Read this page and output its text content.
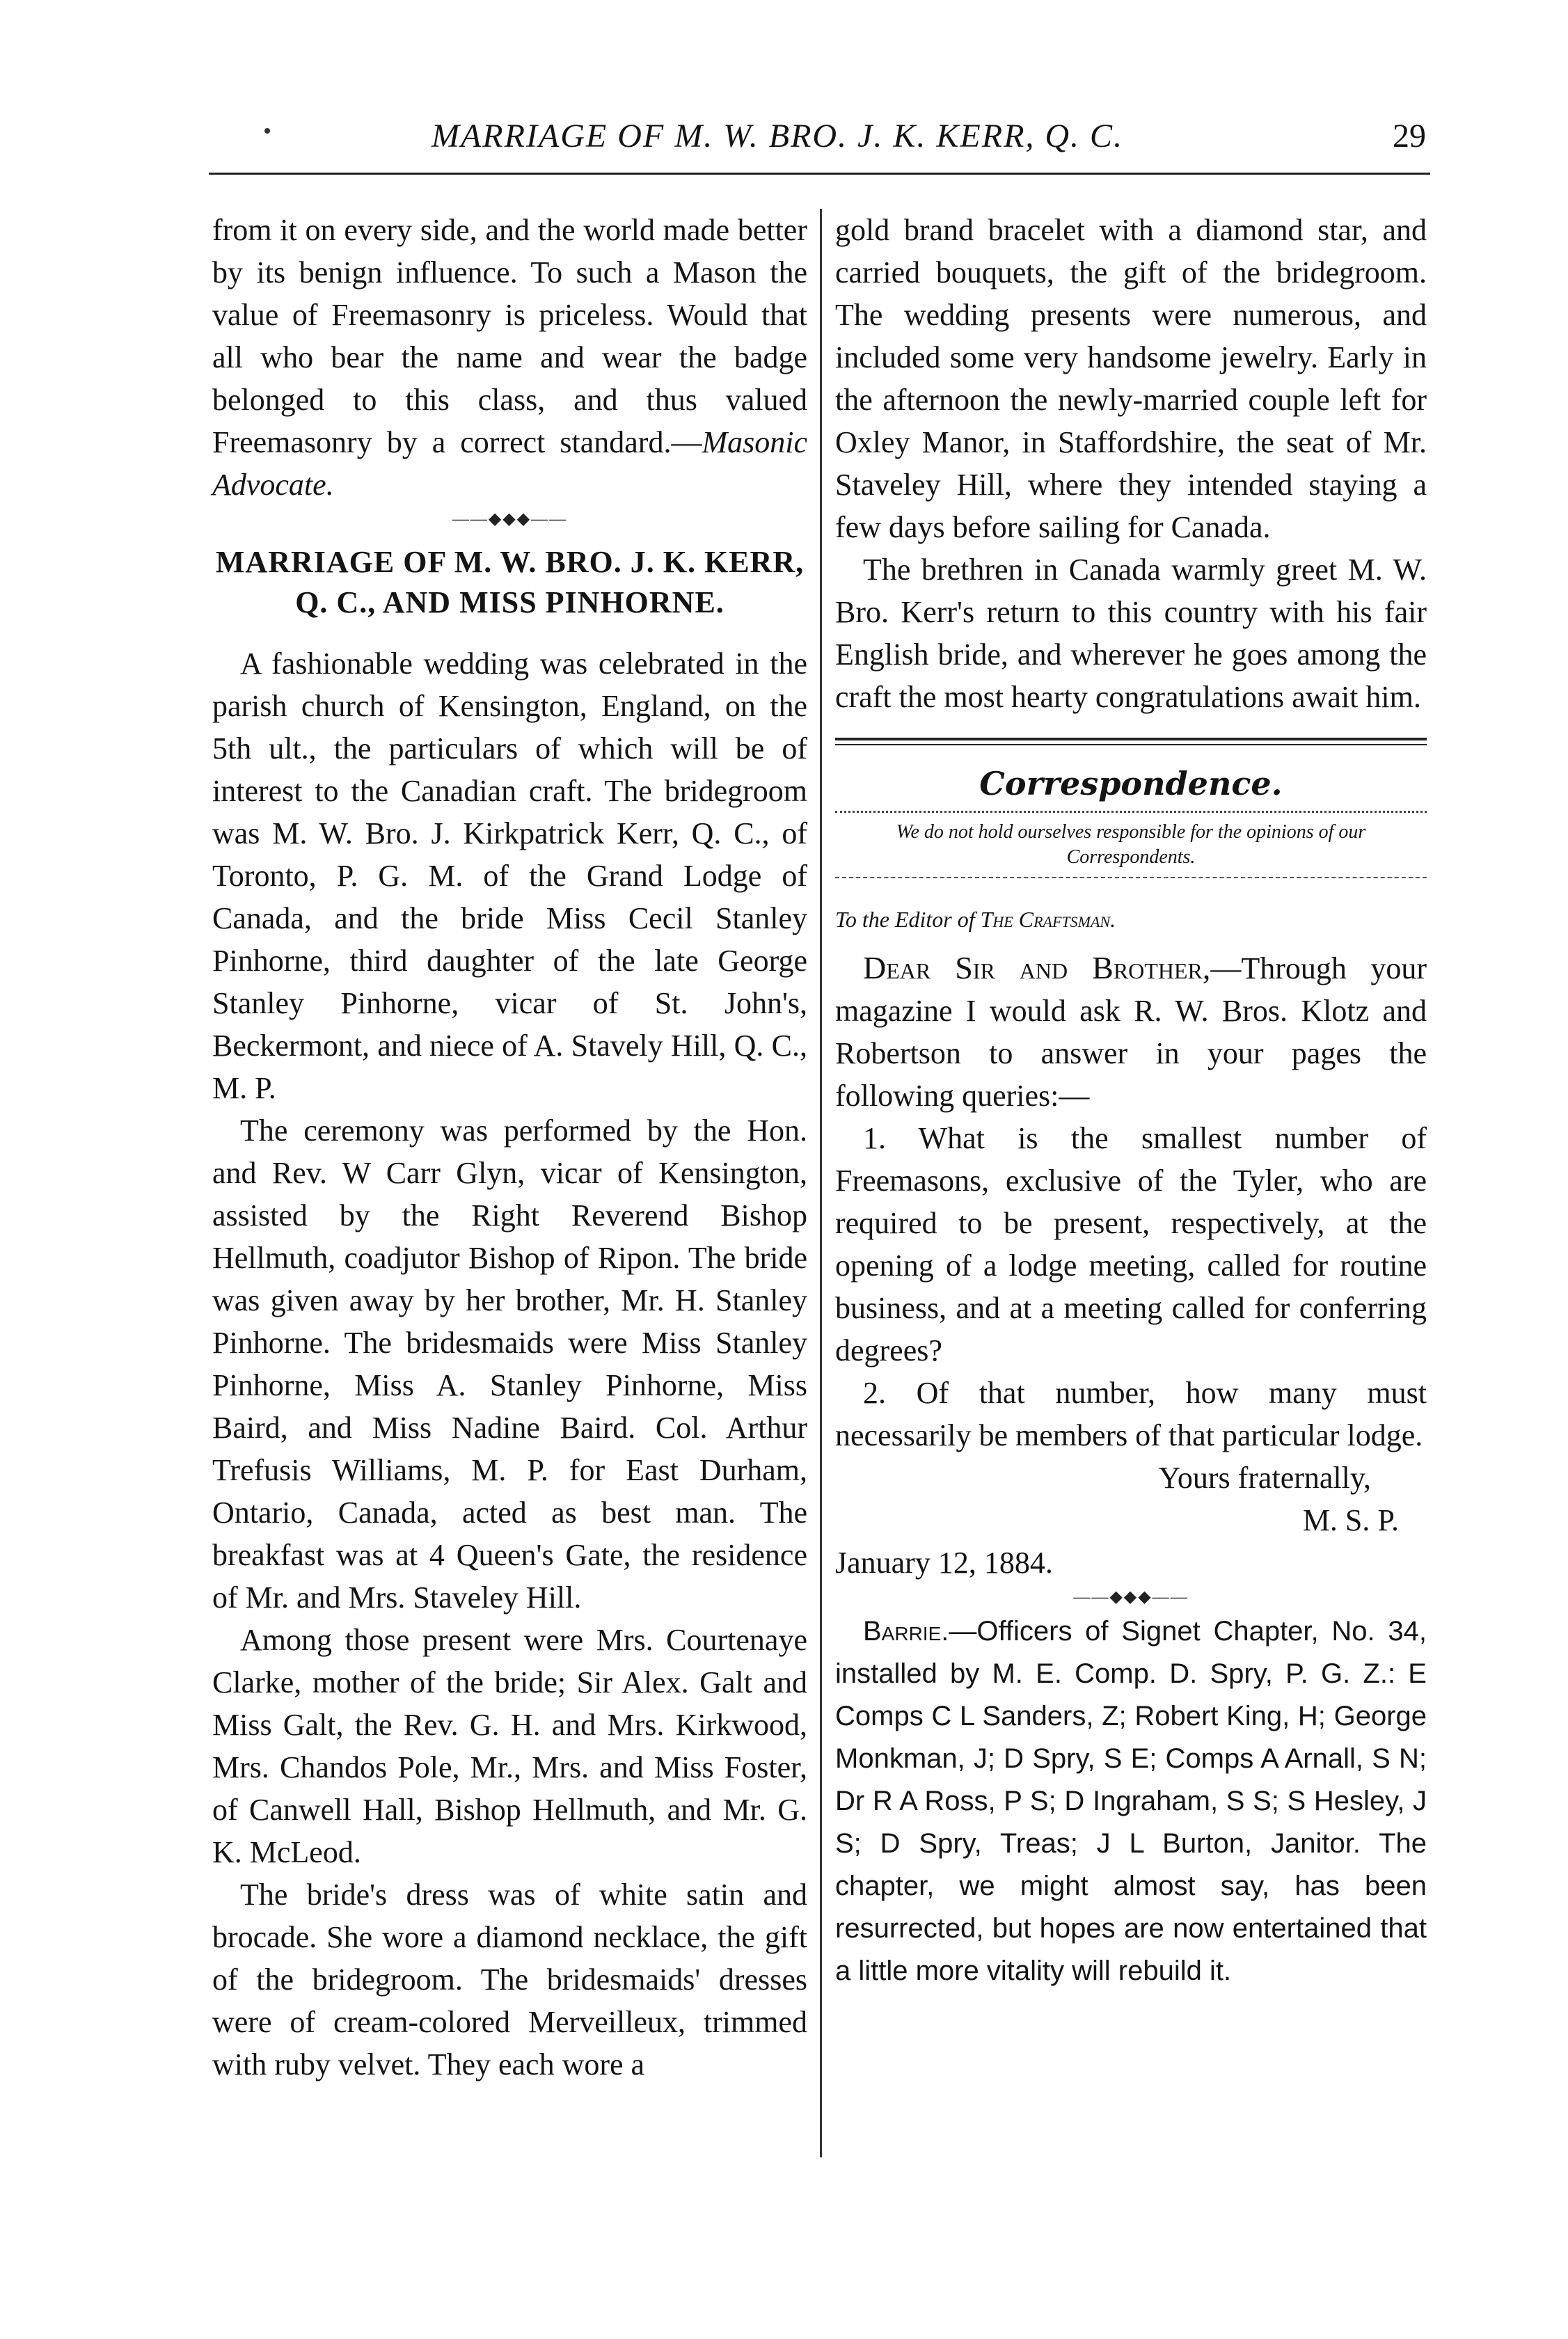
MARRIAGE OF M. W. BRO. J. K. KERR, Q. C.	29

from it on every side, and the world made better by its benign influence. To such a Mason the value of Freemasonry is priceless. Would that all who bear the name and wear the badge belonged to this class, and thus valued Freemasonry by a correct standard.—Masonic Advocate.

——◆◆◆——
MARRIAGE OF M. W. BRO. J. K. KERR, Q. C., AND MISS PINHORNE.

A fashionable wedding was celebrated in the parish church of Kensington, England, on the 5th ult., the particulars of which will be of interest to the Canadian craft. The bridegroom was M. W. Bro. J. Kirkpatrick Kerr, Q. C., of Toronto, P. G. M. of the Grand Lodge of Canada, and the bride Miss Cecil Stanley Pinhorne, third daughter of the late George Stanley Pinhorne, vicar of St. John's, Beckermont, and niece of A. Stavely Hill, Q. C., M. P.

The ceremony was performed by the Hon. and Rev. W Carr Glyn, vicar of Kensington, assisted by the Right Reverend Bishop Hellmuth, coadjutor Bishop of Ripon. The bride was given away by her brother, Mr. H. Stanley Pinhorne. The bridesmaids were Miss Stanley Pinhorne, Miss A. Stanley Pinhorne, Miss Baird, and Miss Nadine Baird. Col. Arthur Trefusis Williams, M. P. for East Durham, Ontario, Canada, acted as best man. The breakfast was at 4 Queen's Gate, the residence of Mr. and Mrs. Staveley Hill.

Among those present were Mrs. Courtenaye Clarke, mother of the bride; Sir Alex. Galt and Miss Galt, the Rev. G. H. and Mrs. Kirkwood, Mrs. Chandos Pole, Mr., Mrs. and Miss Foster, of Canwell Hall, Bishop Hellmuth, and Mr. G. K. McLeod.

The bride's dress was of white satin and brocade. She wore a diamond necklace, the gift of the bridegroom. The bridesmaids' dresses were of cream-colored Merveilleux, trimmed with ruby velvet. They each wore a

gold brand bracelet with a diamond star, and carried bouquets, the gift of the bridegroom. The wedding presents were numerous, and included some very handsome jewelry. Early in the afternoon the newly-married couple left for Oxley Manor, in Staffordshire, the seat of Mr. Staveley Hill, where they intended staying a few days before sailing for Canada.

The brethren in Canada warmly greet M. W. Bro. Kerr's return to this country with his fair English bride, and wherever he goes among the craft the most hearty congratulations await him.

Correspondence.
We do not hold ourselves responsible for the opinions of our Correspondents.
To the Editor of The Craftsman.

Dear Sir and Brother,—Through your magazine I would ask R. W. Bros. Klotz and Robertson to answer in your pages the following queries:—

1. What is the smallest number of Freemasons, exclusive of the Tyler, who are required to be present, respectively, at the opening of a lodge meeting, called for routine business, and at a meeting called for conferring degrees?

2. Of that number, how many must necessarily be members of that particular lodge.

Yours fraternally,

M. S. P.

January 12, 1884.

——◆◆◆——

Barrie.—Officers of Signet Chapter, No. 34, installed by M. E. Comp. D. Spry, P. G. Z.: E Comps C L Sanders, Z; Robert King, H; George Monkman, J; D Spry, S E; Comps A Arnall, S N; Dr R A Ross, P S; D Ingraham, S S; S Hesley, J S; D Spry, Treas; J L Burton, Janitor. The chapter, we might almost say, has been resurrected, but hopes are now entertained that a little more vitality will rebuild it.
